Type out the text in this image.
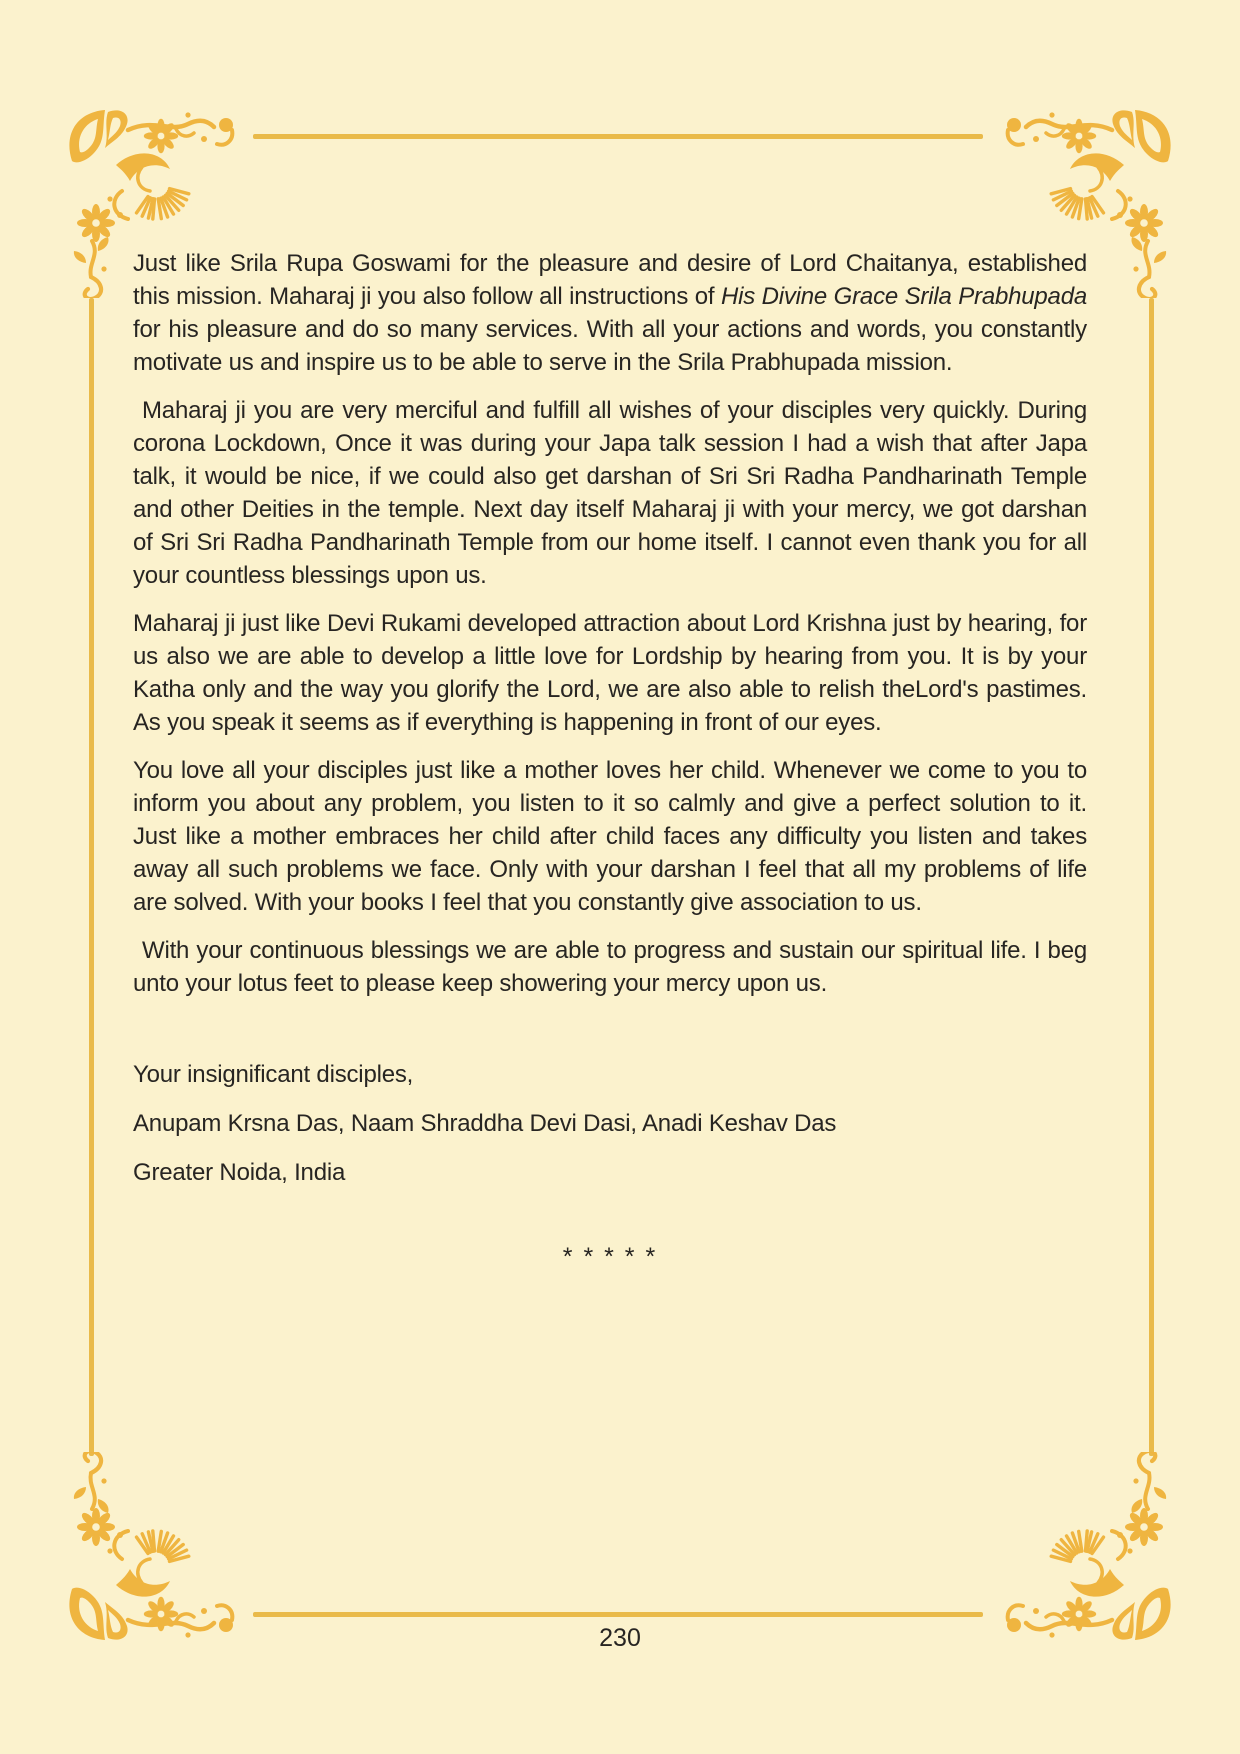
Just like Srila Rupa Goswami for the pleasure and desire of Lord Chaitanya, established this mission. Maharaj ji you also follow all instructions of His Divine Grace Srila Prabhupada for his pleasure and do so many services. With all your actions and words, you constantly motivate us and inspire us to be able to serve in the Srila Prabhupada mission.

Maharaj ji you are very merciful and fulfill all wishes of your disciples very quickly. During corona Lockdown, Once it was during your Japa talk session I had a wish that after Japa talk, it would be nice, if we could also get darshan of Sri Sri Radha Pandharinath Temple and other Deities in the temple. Next day itself Maharaj ji with your mercy, we got darshan of Sri Sri Radha Pandharinath Temple from our home itself. I cannot even thank you for all your countless blessings upon us.

Maharaj ji just like Devi Rukami developed attraction about Lord Krishna just by hearing, for us also we are able to develop a little love for Lordship by hearing from you. It is by your Katha only and the way you glorify the Lord, we are also able to relish theLord's pastimes. As you speak it seems as if everything is happening in front of our eyes.

You love all your disciples just like a mother loves her child. Whenever we come to you to inform you about any problem, you listen to it so calmly and give a perfect solution to it. Just like a mother embraces her child after child faces any difficulty you listen and takes away all such problems we face. Only with your darshan I feel that all my problems of life are solved. With your books I feel that you constantly give association to us.

With your continuous blessings we are able to progress and sustain our spiritual life. I beg unto your lotus feet to please keep showering your mercy upon us.

Your insignificant disciples,

Anupam Krsna Das, Naam Shraddha Devi Dasi, Anadi Keshav Das

Greater Noida, India

* * * * *
230
